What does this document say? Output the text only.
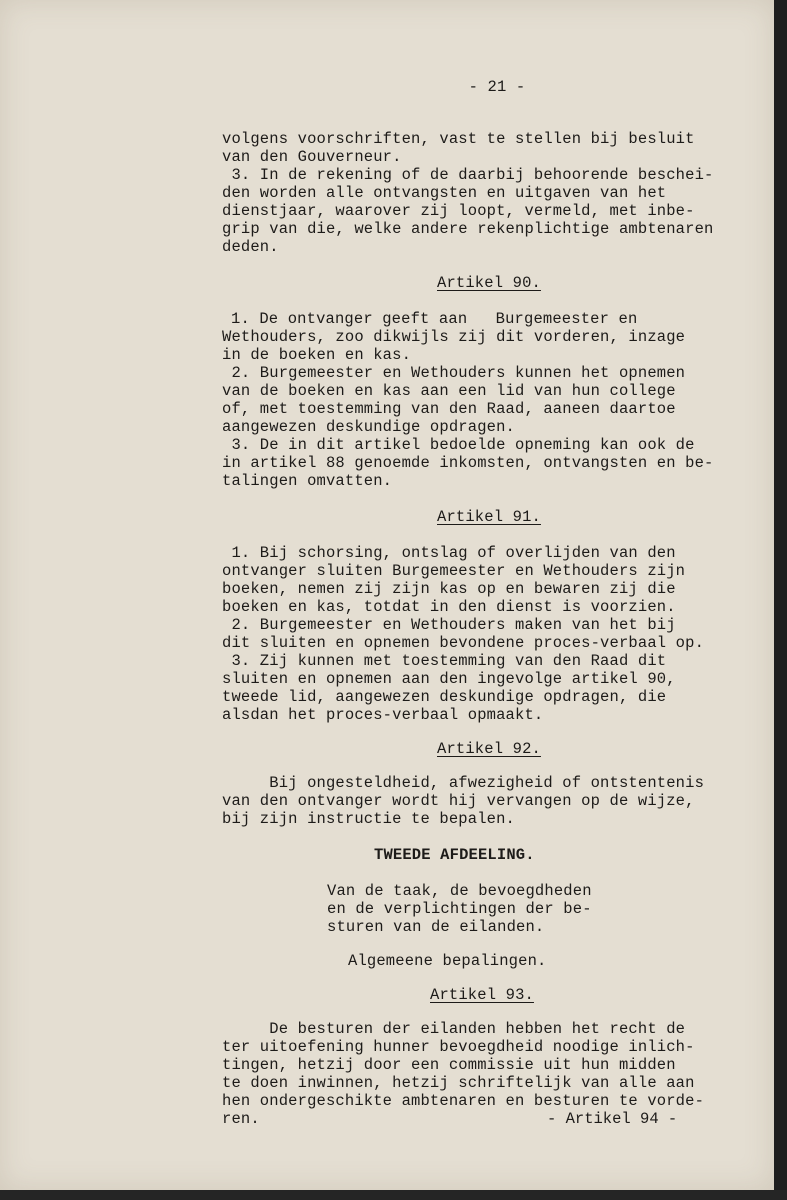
- 21 -
volgens voorschriften, vast te stellen bij besluit
van den Gouverneur.
3. In de rekening of de daarbij behoorende beschei-
den worden alle ontvangsten en uitgaven van het
dienstjaar, waarover zij loopt, vermeld, met inbe-
grip van die, welke andere rekenplichtige ambtenaren
deden.
Artikel 90.
1. De ontvanger geeft aan   Burgemeester en
Wethouders, zoo dikwijls zij dit vorderen, inzage
in de boeken en kas.
2. Burgemeester en Wethouders kunnen het opnemen
van de boeken en kas aan een lid van hun college
of, met toestemming van den Raad, aaneen daartoe
aangewezen deskundige opdragen.
3. De in dit artikel bedoelde opneming kan ook de
in artikel 88 genoemde inkomsten, ontvangsten en be-
talingen omvatten.
Artikel 91.
1. Bij schorsing, ontslag of overlijden van den
ontvanger sluiten Burgemeester en Wethouders zijn
boeken, nemen zij zijn kas op en bewaren zij die
boeken en kas, totdat in den dienst is voorzien.
2. Burgemeester en Wethouders maken van het bij
dit sluiten en opnemen bevondene proces-verbaal op.
3. Zij kunnen met toestemming van den Raad dit
sluiten en opnemen aan den ingevolge artikel 90,
tweede lid, aangewezen deskundige opdragen, die
alsdan het proces-verbaal opmaakt.
Artikel 92.
Bij ongesteldheid, afwezigheid of ontstentenis
van den ontvanger wordt hij vervangen op de wijze,
bij zijn instructie te bepalen.
TWEEDE AFDEELING.
Van de taak, de bevoegdheden
en de verplichtingen der be-
sturen van de eilanden.
Algemeene bepalingen.
Artikel 93.
De besturen der eilanden hebben het recht de
ter uitoefening hunner bevoegdheid noodige inlich-
tingen, hetzij door een commissie uit hun midden
te doen inwinnen, hetzij schriftelijk van alle aan
hen ondergeschikte ambtenaren en besturen te vorde-
ren.	- Artikel 94 -
